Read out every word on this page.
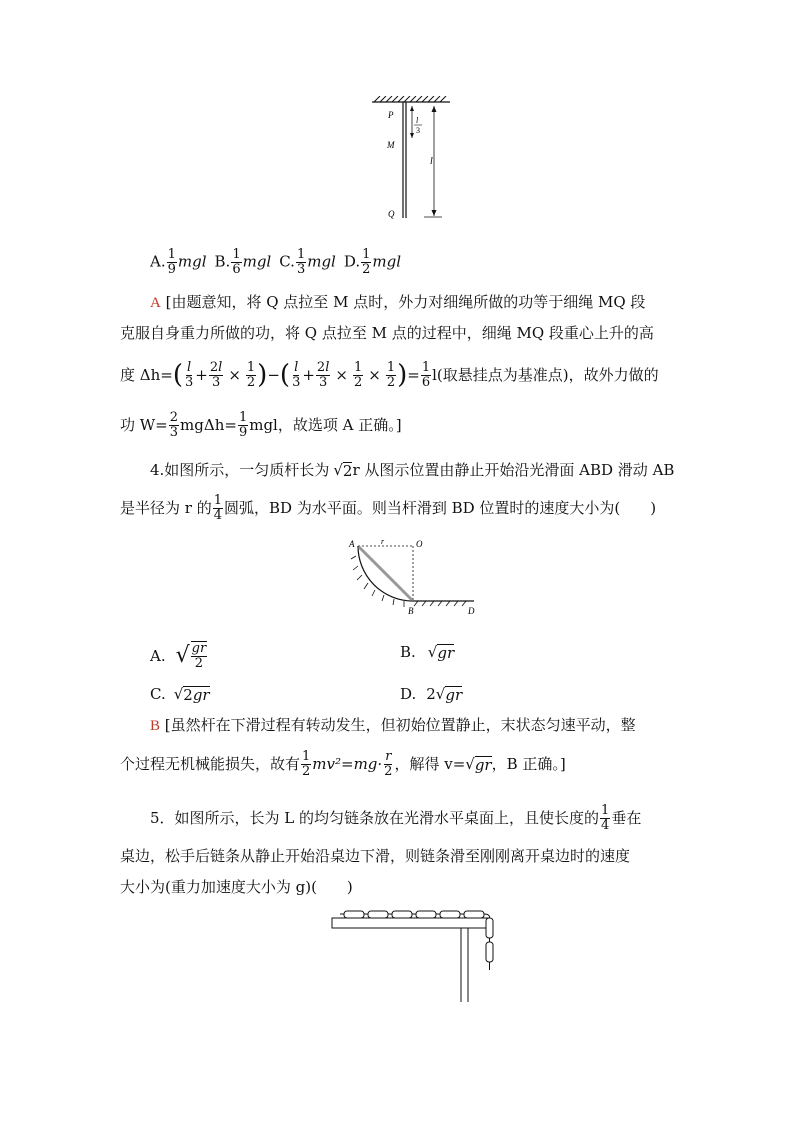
P
M
Q
l
3
l
A. $\frac{1}{9}$ mgl B. $\frac{1}{6}$ mgl C. $\frac{1}{3}$ mgl D. $\frac{1}{2}$ mgl
A [由题意知，将 Q 点拉至 M 点时，外力对细绳所做的功等于细绳 MQ 段
克服自身重力所做的功，将 Q 点拉至 M 点的过程中，细绳 MQ 段重心上升的高
度 Δh= ( $\frac{l}{3} + \frac{2l}{3} \times \frac{1}{2}$ ) − ( $\frac{l}{3} + \frac{2l}{3} \times \frac{1}{2} \times \frac{1}{2}$ ) = $\frac{1}{6} l$(取悬挂点为基准点)，故外力做的
功 $W= \frac{2}{3} mg\Delta h= \frac{1}{9}$ mgl，故选项 A 正确。]
4.如图所示，一匀质杆长为 √ 2 r 从图示位置由静止开始沿光滑面 ABD 滑动 AB
是半径为 r 的 $\frac{1}{4}$ 圆弧，BD 为水平面。则当杆滑到 BD 位置时的速度大小为(　　)
A	r	O
B	D
A. √ $\frac{gr}{2}$	B. √ gr
C. √ 2gr	D. 2√ gr
B [虽然杆在下滑过程有转动发生，但初始位置静止，末状态匀速平动，整
个过程无机械能损失，故有 $\frac{1}{2} mv^2=mg\cdot \frac{r}{2}$ ，解得 v= √ gr ，B 正确。]
5．如图所示，长为 L 的均匀链条放在光滑水平桌面上，且使长度的 $\frac{1}{4}$ 垂在
桌边，松手后链条从静止开始沿桌边下滑，则链条滑至刚刚离开桌边时的速度
大小为(重力加速度大小为 g)(　　)
